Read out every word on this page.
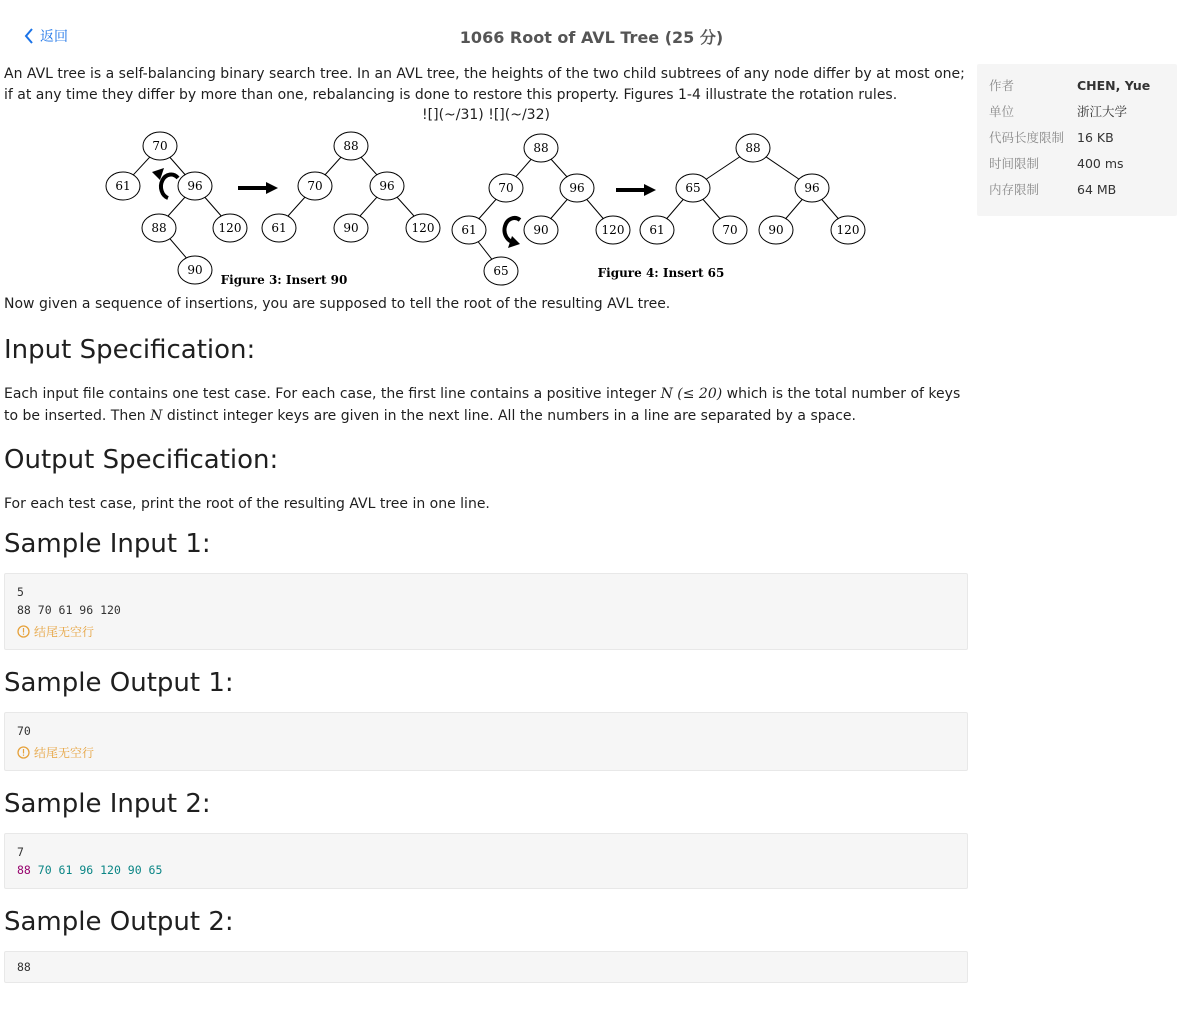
返回	1066 Root of AVL Tree (25 分)

An AVL tree is a self-balancing binary search tree. In an AVL tree, the heights of the two child subtrees of any node differ by at most one; if at any time they differ by more than one, rebalancing is done to restore this property. Figures 1-4 illustrate the rotation rules.

![](~/31) ![](~/32)

70
61	96
88	120
90
88
70	96
61	90	120
88
70	96
61	90	120
65
88
65	96
61	70	90	120
Figure 3: Insert 90	Figure 4: Insert 65

Now given a sequence of insertions, you are supposed to tell the root of the resulting AVL tree.

Input Specification:

Each input file contains one test case. For each case, the first line contains a positive integer N (≤ 20) which is the total number of keys to be inserted. Then N distinct integer keys are given in the next line. All the numbers in a line are separated by a space.

Output Specification:

For each test case, print the root of the resulting AVL tree in one line.

Sample Input 1:
5
88 70 61 96 120
结尾无空行
Sample Output 1:
70
结尾无空行
Sample Input 2:
7
88 70 61 96 120 90 65
Sample Output 2:
88
作者	CHEN, Yue
单位	浙江大学
代码长度限制	16 KB
时间限制	400 ms
内存限制	64 MB
